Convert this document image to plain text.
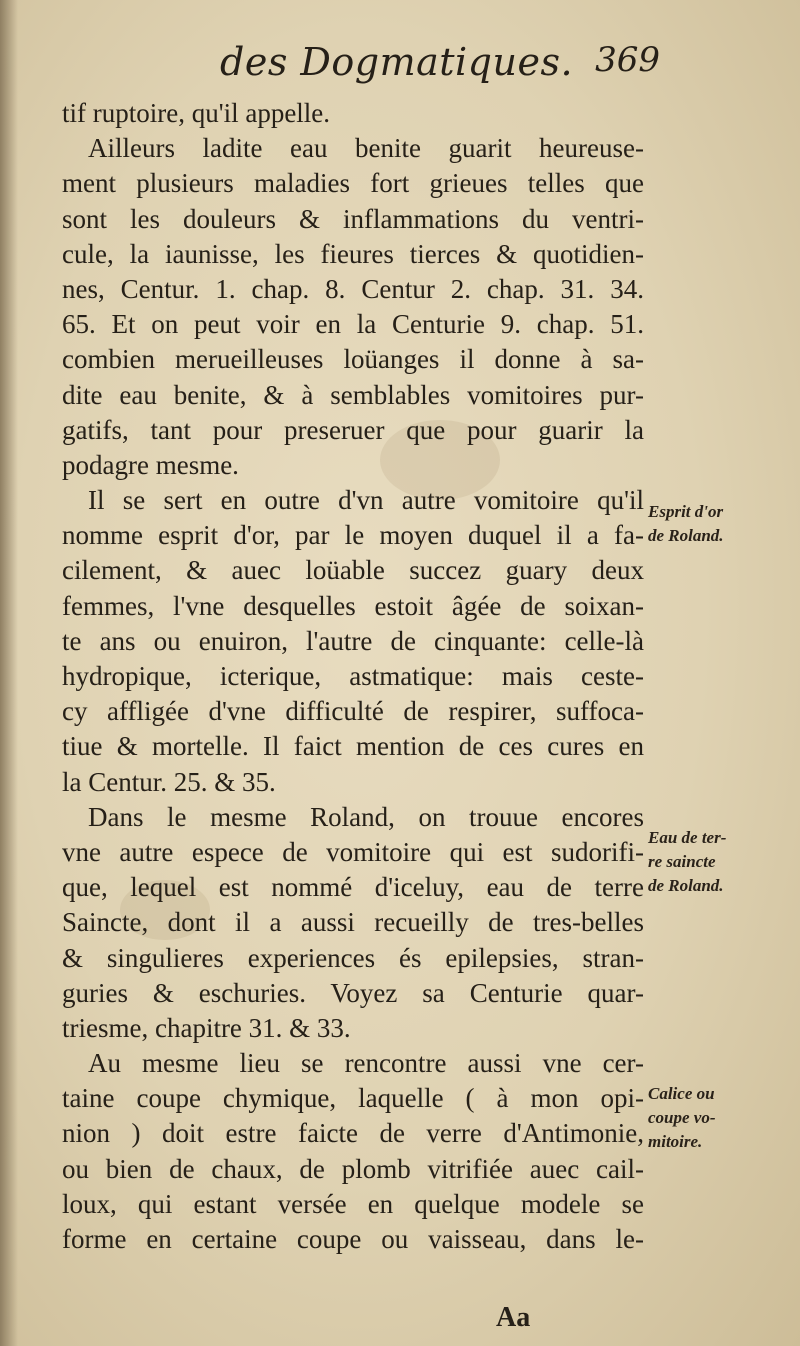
des Dogmatiques. 369
tif ruptoire, qu'il appelle.
Ailleurs ladite eau benite guarit heureuse-
ment plusieurs maladies fort grieues telles que
sont les douleurs & inflammations du ventri-
cule, la iaunisse, les fieures tierces & quotidien-
nes, Centur. 1. chap. 8. Centur 2. chap. 31. 34.
65. Et on peut voir en la Centurie 9. chap. 51.
combien merueilleuses loüanges il donne à sa-
dite eau benite, & à semblables vomitoires pur-
gatifs, tant pour preseruer que pour guarir la
podagre mesme.
Il se sert en outre d'vn autre vomitoire qu'il
nomme esprit d'or, par le moyen duquel il a fa-
cilement, & auec loüable succez guary deux
femmes, l'vne desquelles estoit âgée de soixan-
te ans ou enuiron, l'autre de cinquante: celle-là
hydropique, icterique, astmatique: mais ceste-
cy affligée d'vne difficulté de respirer, suffoca-
tiue & mortelle. Il faict mention de ces cures en
la Centur. 25. & 35.
Dans le mesme Roland, on trouue encores
vne autre espece de vomitoire qui est sudorifi-
que, lequel est nommé d'iceluy, eau de terre
Saincte, dont il a aussi recueilly de tres-belles
& singulieres experiences és epilepsies, stran-
guries & eschuries. Voyez sa Centurie quar-
triesme, chapitre 31. & 33.
Au mesme lieu se rencontre aussi vne cer-
taine coupe chymique, laquelle ( à mon opi-
nion ) doit estre faicte de verre d'Antimonie,
ou bien de chaux, de plomb vitrifiée auec cail-
loux, qui estant versée en quelque modele se
forme en certaine coupe ou vaisseau, dans le-
Esprit d'or
de Roland.
Eau de ter-
re saincte
de Roland.
Calice ou
coupe vo-
mitoire.
Aa
